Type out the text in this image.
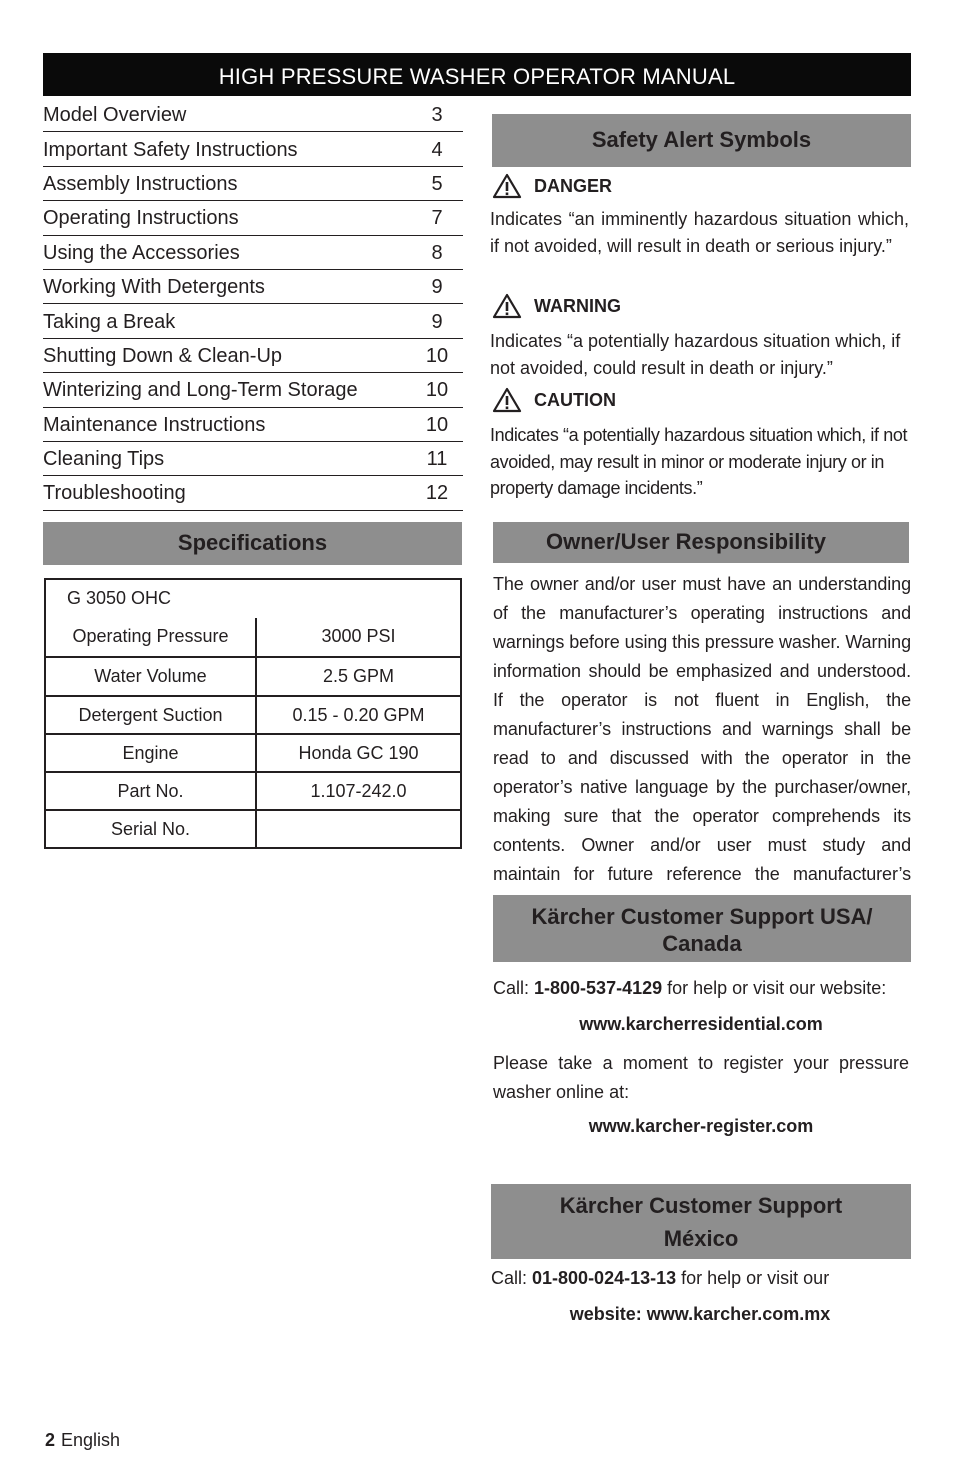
HIGH PRESSURE WASHER OPERATOR MANUAL
Model Overview	3
Important Safety Instructions	4
Assembly Instructions	5
Operating Instructions	7
Using the Accessories	8
Working With Detergents	9
Taking a Break	9
Shutting Down & Clean-Up	10
Winterizing and Long-Term Storage	10
Maintenance Instructions	10
Cleaning Tips	11
Troubleshooting	12
Specifications
G 3050 OHC
Operating Pressure	3000 PSI
Water Volume	2.5 GPM
Detergent Suction	0.15 - 0.20 GPM
Engine	Honda GC 190
Part No.	1.107-242.0
Serial No.
Safety Alert Symbols
DANGER
Indicates “an imminently hazardous situation which, if not avoided, will result in death or serious injury.”
WARNING
Indicates “a potentially hazardous situation which, if not avoided, could result in death or injury.”
CAUTION
Indicates “a potentially hazardous situation which, if not avoided, may result in minor or moderate injury or in property damage incidents.”
Owner/User Responsibility
The owner and/or user must have an understanding of the manufacturer’s operating instructions and warnings before using this pressure washer. Warning information should be emphasized and understood. If the operator is not fluent in English, the manufacturer’s instructions and warnings shall be read to and discussed with the operator in the operator’s native language by the purchaser/owner, making sure that the operator comprehends its contents. Owner and/or user must study and maintain for future reference the manufacturer’s
Kärcher Customer Support USA/
Canada
Call: 1-800-537-4129 for help or visit our website:
www.karcherresidential.com
Please take a moment to register your pressure washer online at:
www.karcher-register.com
Kärcher Customer Support
México
Call: 01-800-024-13-13 for help or visit our
website: www.karcher.com.mx
2 English
